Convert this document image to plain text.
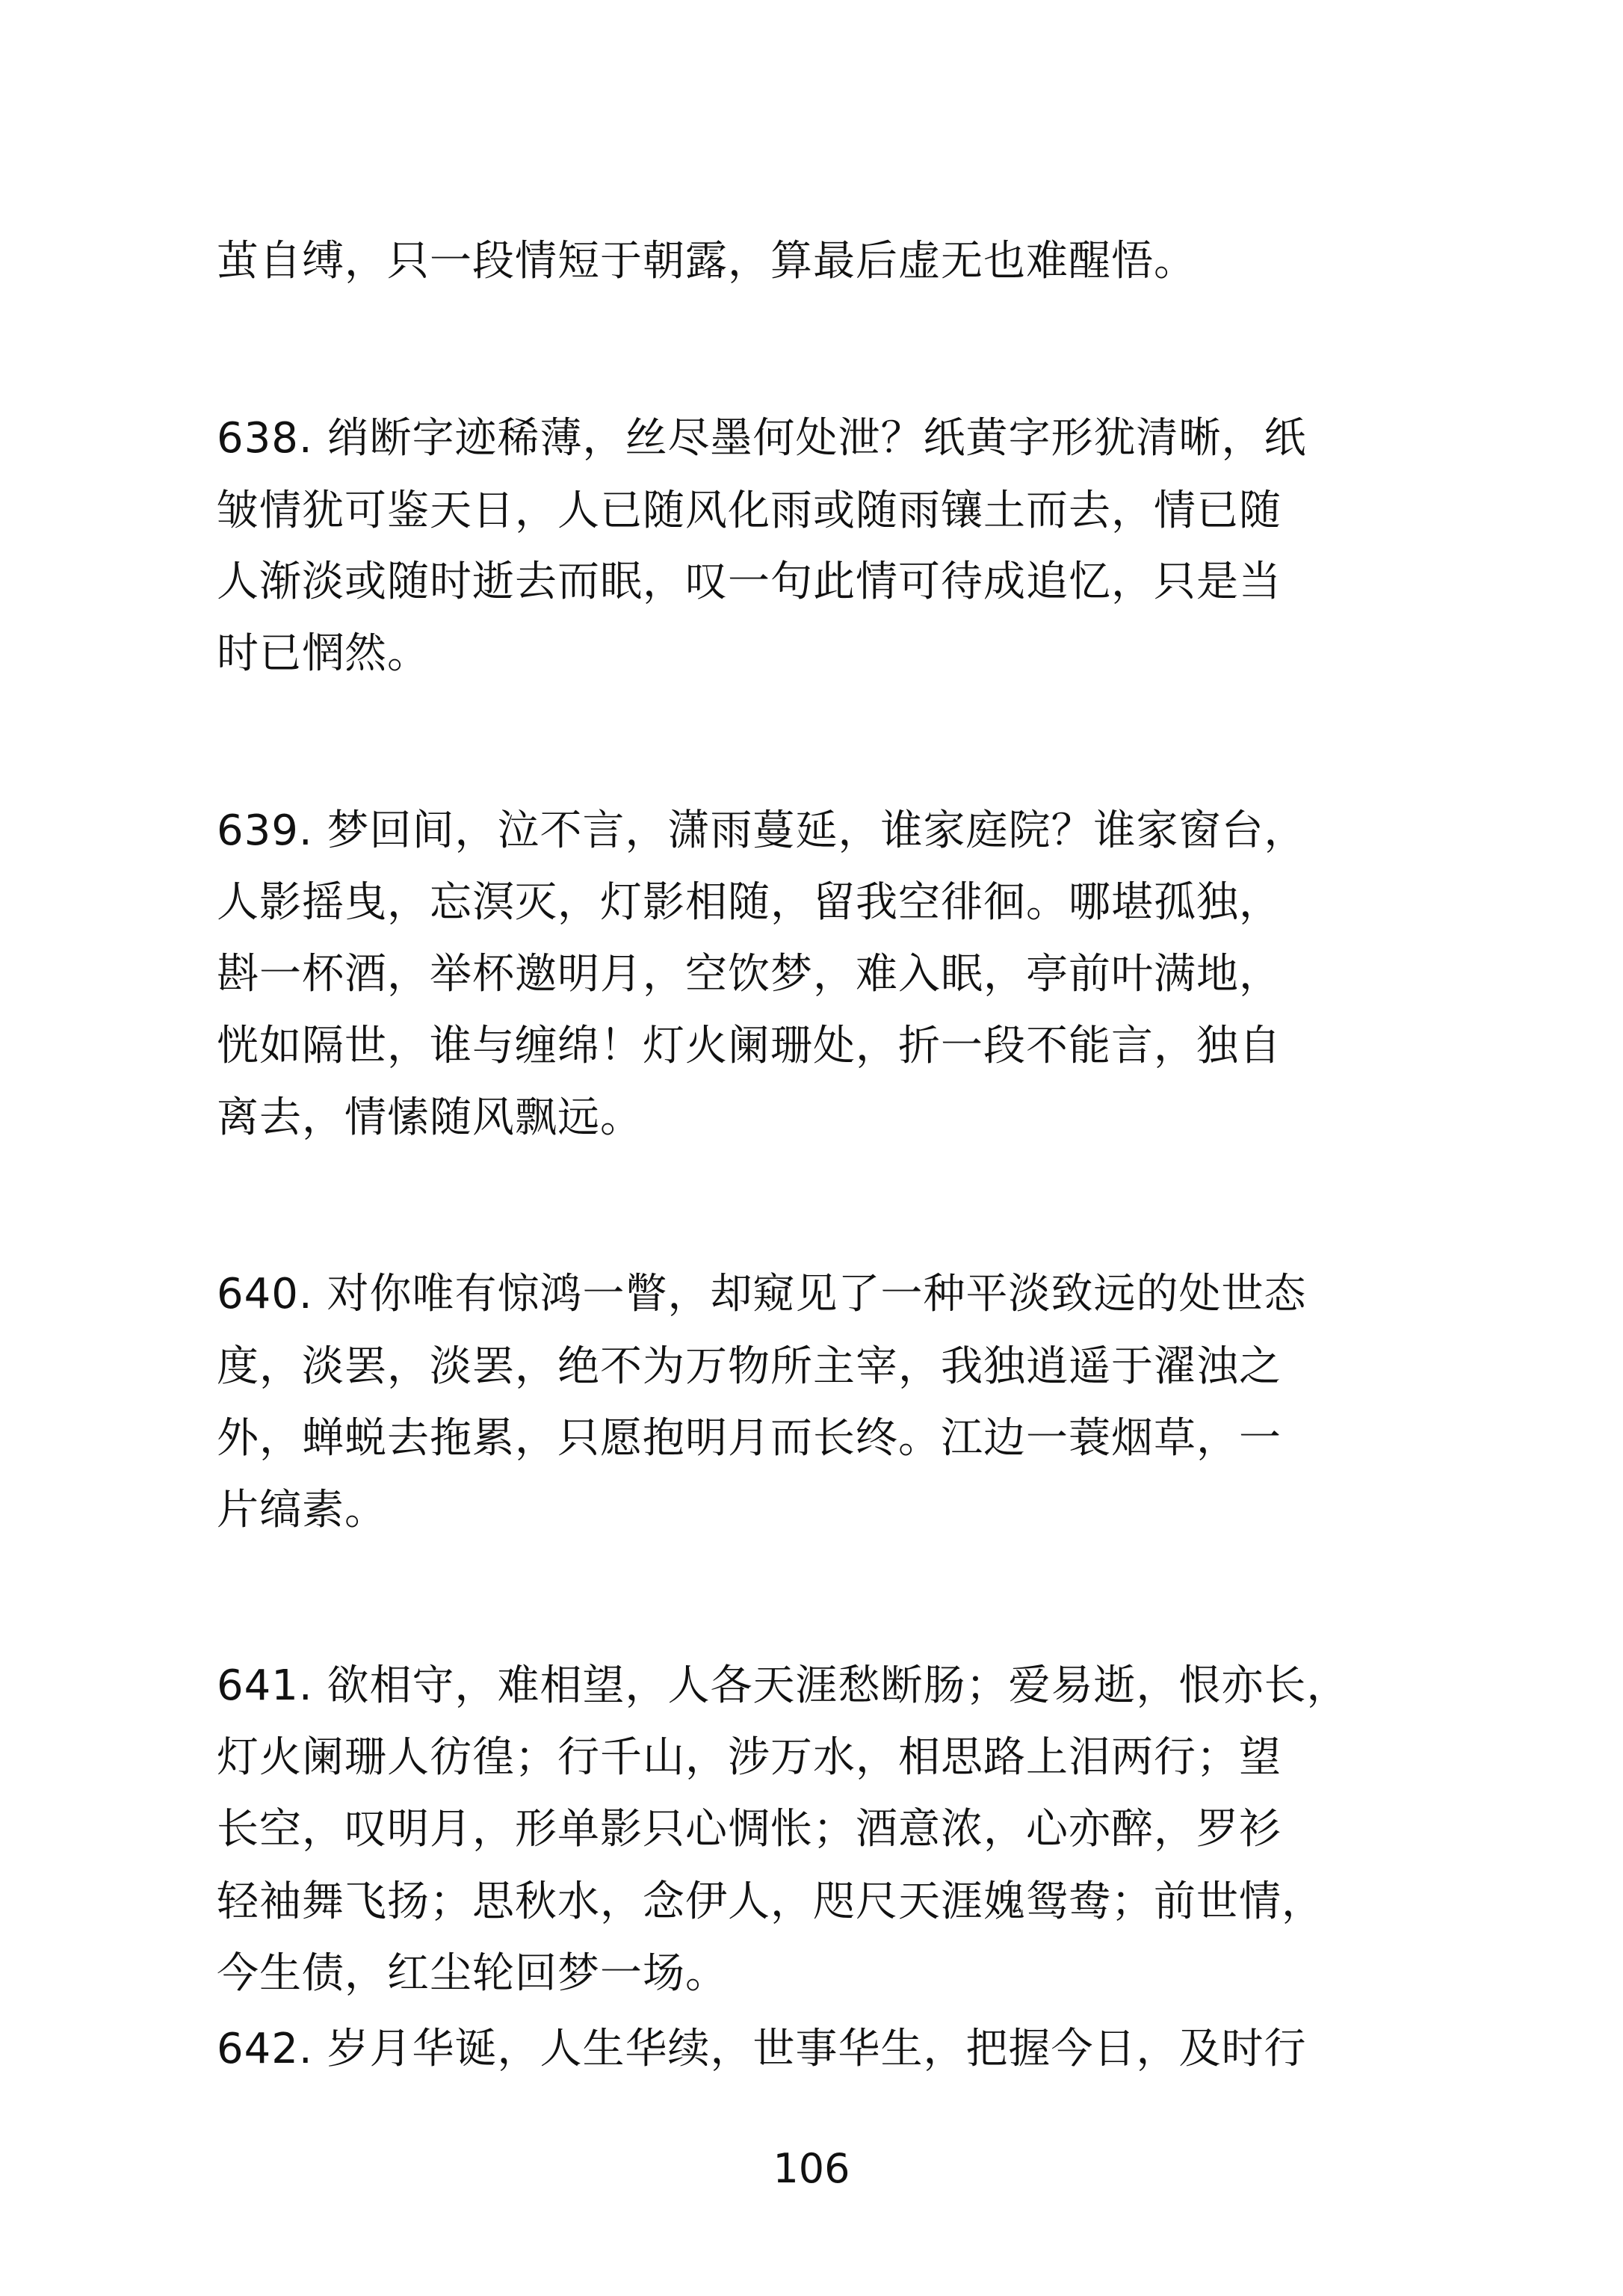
茧自缚，只一段情短于朝露，算最后虚无也难醒悟。
638. 绡断字迹稀薄，丝尽墨何处泄？纸黄字形犹清晰，纸
皱情犹可鉴天日，人已随风化雨或随雨镶土而去，情已随
人渐淡或随时逝去而眠，叹一句此情可待成追忆，只是当
时已惘然。
639. 梦回间，泣不言，潇雨蔓延，谁家庭院？谁家窗台，
人影摇曳，忘溟灭，灯影相随，留我空徘徊。哪堪孤独，
斟一杯酒，举杯邀明月，空饮梦，难入眠，亭前叶满地，
恍如隔世，谁与缠绵！灯火阑珊处，折一段不能言，独自
离去，情愫随风飘远。
640. 对你唯有惊鸿一瞥，却窥见了一种平淡致远的处世态
度，淡罢，淡罢，绝不为万物所主宰，我独逍遥于濯浊之
外，蝉蜕去拖累，只愿抱明月而长终。江边一蓑烟草，一
片缟素。
641. 欲相守，难相望，人各天涯愁断肠；爱易逝，恨亦长，
灯火阑珊人彷徨；行千山，涉万水，相思路上泪两行；望
长空，叹明月，形单影只心惆怅；酒意浓，心亦醉，罗衫
轻袖舞飞扬；思秋水，念伊人，咫尺天涯媿鸳鸯；前世情，
今生债，红尘轮回梦一场。
642. 岁月华诞，人生华续，世事华生，把握今日，及时行
106
